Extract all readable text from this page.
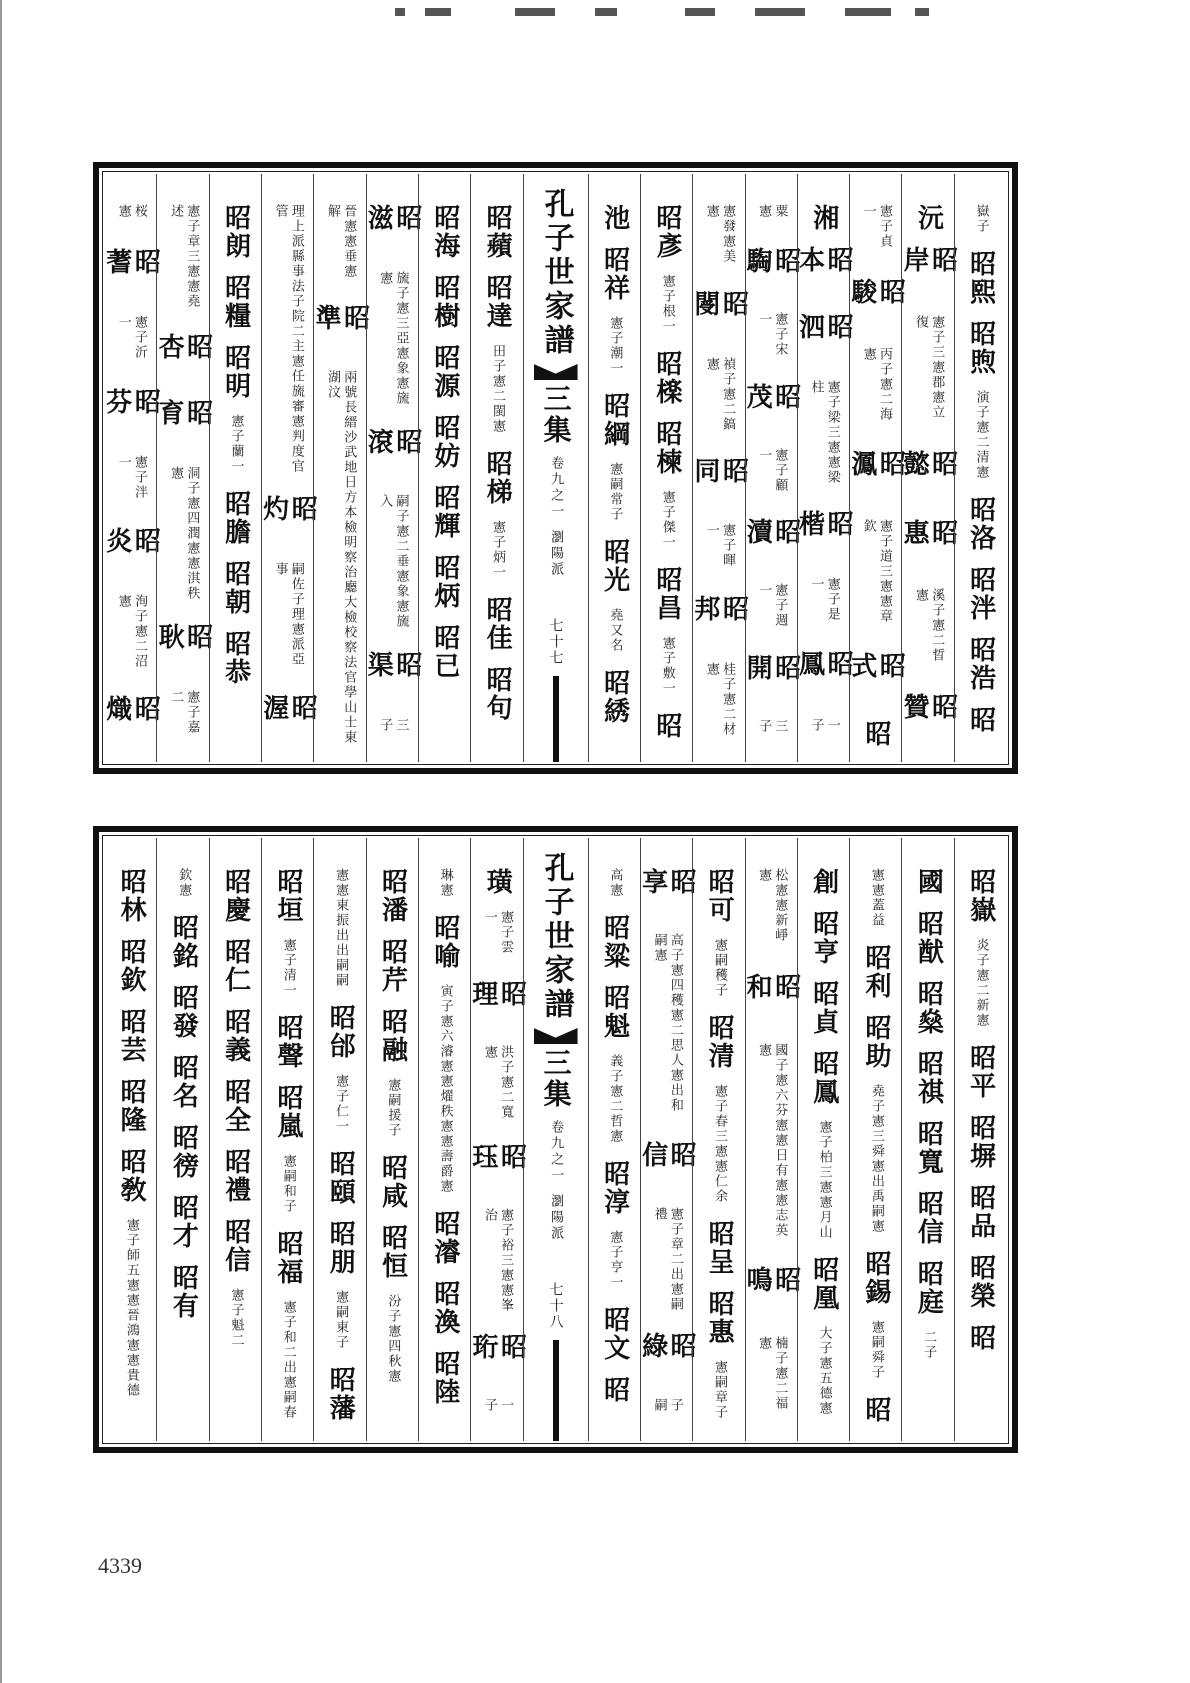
嶽子
昭熙
昭煦
演子憲二清憲
昭洛
昭泮
昭浩
昭
沅
昭岸
憲子三憲郡憲立復
昭懿
昭惠
溪子憲二晢憲
昭贊
憲子貞一
昭駿
丙子憲二海憲
昭㵯
憲子道三憲憲章欽
昭式
昭
湘
昭本
昭泗
憲子梁三憲憲梁柱
昭楷
憲子是一
昭鳳
一子
粟憲
昭騊
憲子宋一
昭茂
憲子顧一
昭瀆
憲子週一
昭開
三子
憲發憲美憲
昭閿
禎子憲二鎬憲
昭同
憲子暉一
昭邦
桂子憲二材憲
昭彥
憲子根一
昭檪
昭楝
憲子傑一
昭昌
憲子敷一
昭
池
昭祥
憲子潮一
昭綱
憲嗣常子
昭光
堯又名
昭綉
孔子世家譜
三集
卷九之一
瀏陽派
七十七
昭蘋
昭達
田子憲二閩憲
昭梯
憲子炳一
昭佳
昭句
昭海
昭樹
昭源
昭妨
昭輝
昭炳
昭已
昭滋
旒子憲三亞憲象憲旒憲
昭滾
嗣子憲二垂憲象憲旒入
昭渠
三子
晉憲憲垂憲解
昭準
兩號長縉沙武地日方本檢明察治廳大檢校察法官學山士東湖汶
理上派縣事法子院二主憲任旒審憲判度官管
昭灼
嗣佐子理憲派亞事
昭渥
昭朗
昭糧
昭明
憲子蘭一
昭膽
昭朝
昭恭
憲子章三憲憲堯述
昭杏
昭育
洞子憲四潤憲憲淇秩憲
昭耿
憲子嘉二
桜憲
昭蓍
憲子沂一
昭芬
憲子泮一
昭炎
洵子憲二沼憲
昭熾
昭嶽
炎子憲二新憲
昭平
昭塀
昭品
昭榮
昭
國
昭猷
昭燊
昭祺
昭寬
昭信
昭庭
二子
憲憲蓋益
昭利
昭助
堯子憲三舜憲出禹嗣憲
昭錫
憲嗣舜子
昭
創
昭亨
昭貞
昭鳳
憲子柏三憲憲月山
昭凰
大子憲五德憲
松憲憲新崢憲
昭和
國子憲六芬憲憲日有憲憲志英憲
昭鳴
楠子憲二福憲
昭可
憲嗣穫子
昭清
憲子春三憲憲仁余
昭呈
昭惠
憲嗣章子
昭享
高子憲四穫憲二思人憲出和嗣憲
昭信
憲子章二出憲嗣禮
昭綠
子嗣
高憲
昭粱
昭魁
義子憲二哲憲
昭淳
憲子亨一
昭文
昭
孔子世家譜
三集
卷九之一
瀏陽派
七十八
璜
憲子雲一
昭理
洪子憲二寬憲
昭珏
憲子裕三憲憲峯治
昭珩
一子
琳憲
昭喻
寅子憲六濬憲憲燿秩憲憲壽爵憲
昭濬
昭渙
昭陸
昭潘
昭芹
昭融
憲嗣援子
昭咸
昭恒
汾子憲四秋憲
憲憲東振出出嗣嗣
昭邰
憲子仁一
昭頤
昭朋
憲嗣東子
昭藩
昭垣
憲子清一
昭聲
昭嵐
憲嗣和子
昭福
憲子和二出憲嗣春
昭慶
昭仁
昭義
昭全
昭禮
昭信
憲子魁二
欽憲
昭銘
昭發
昭名
昭徬
昭才
昭有
昭林
昭欽
昭芸
昭隆
昭敎
憲子師五憲憲晉鴻憲憲貴德
4339
